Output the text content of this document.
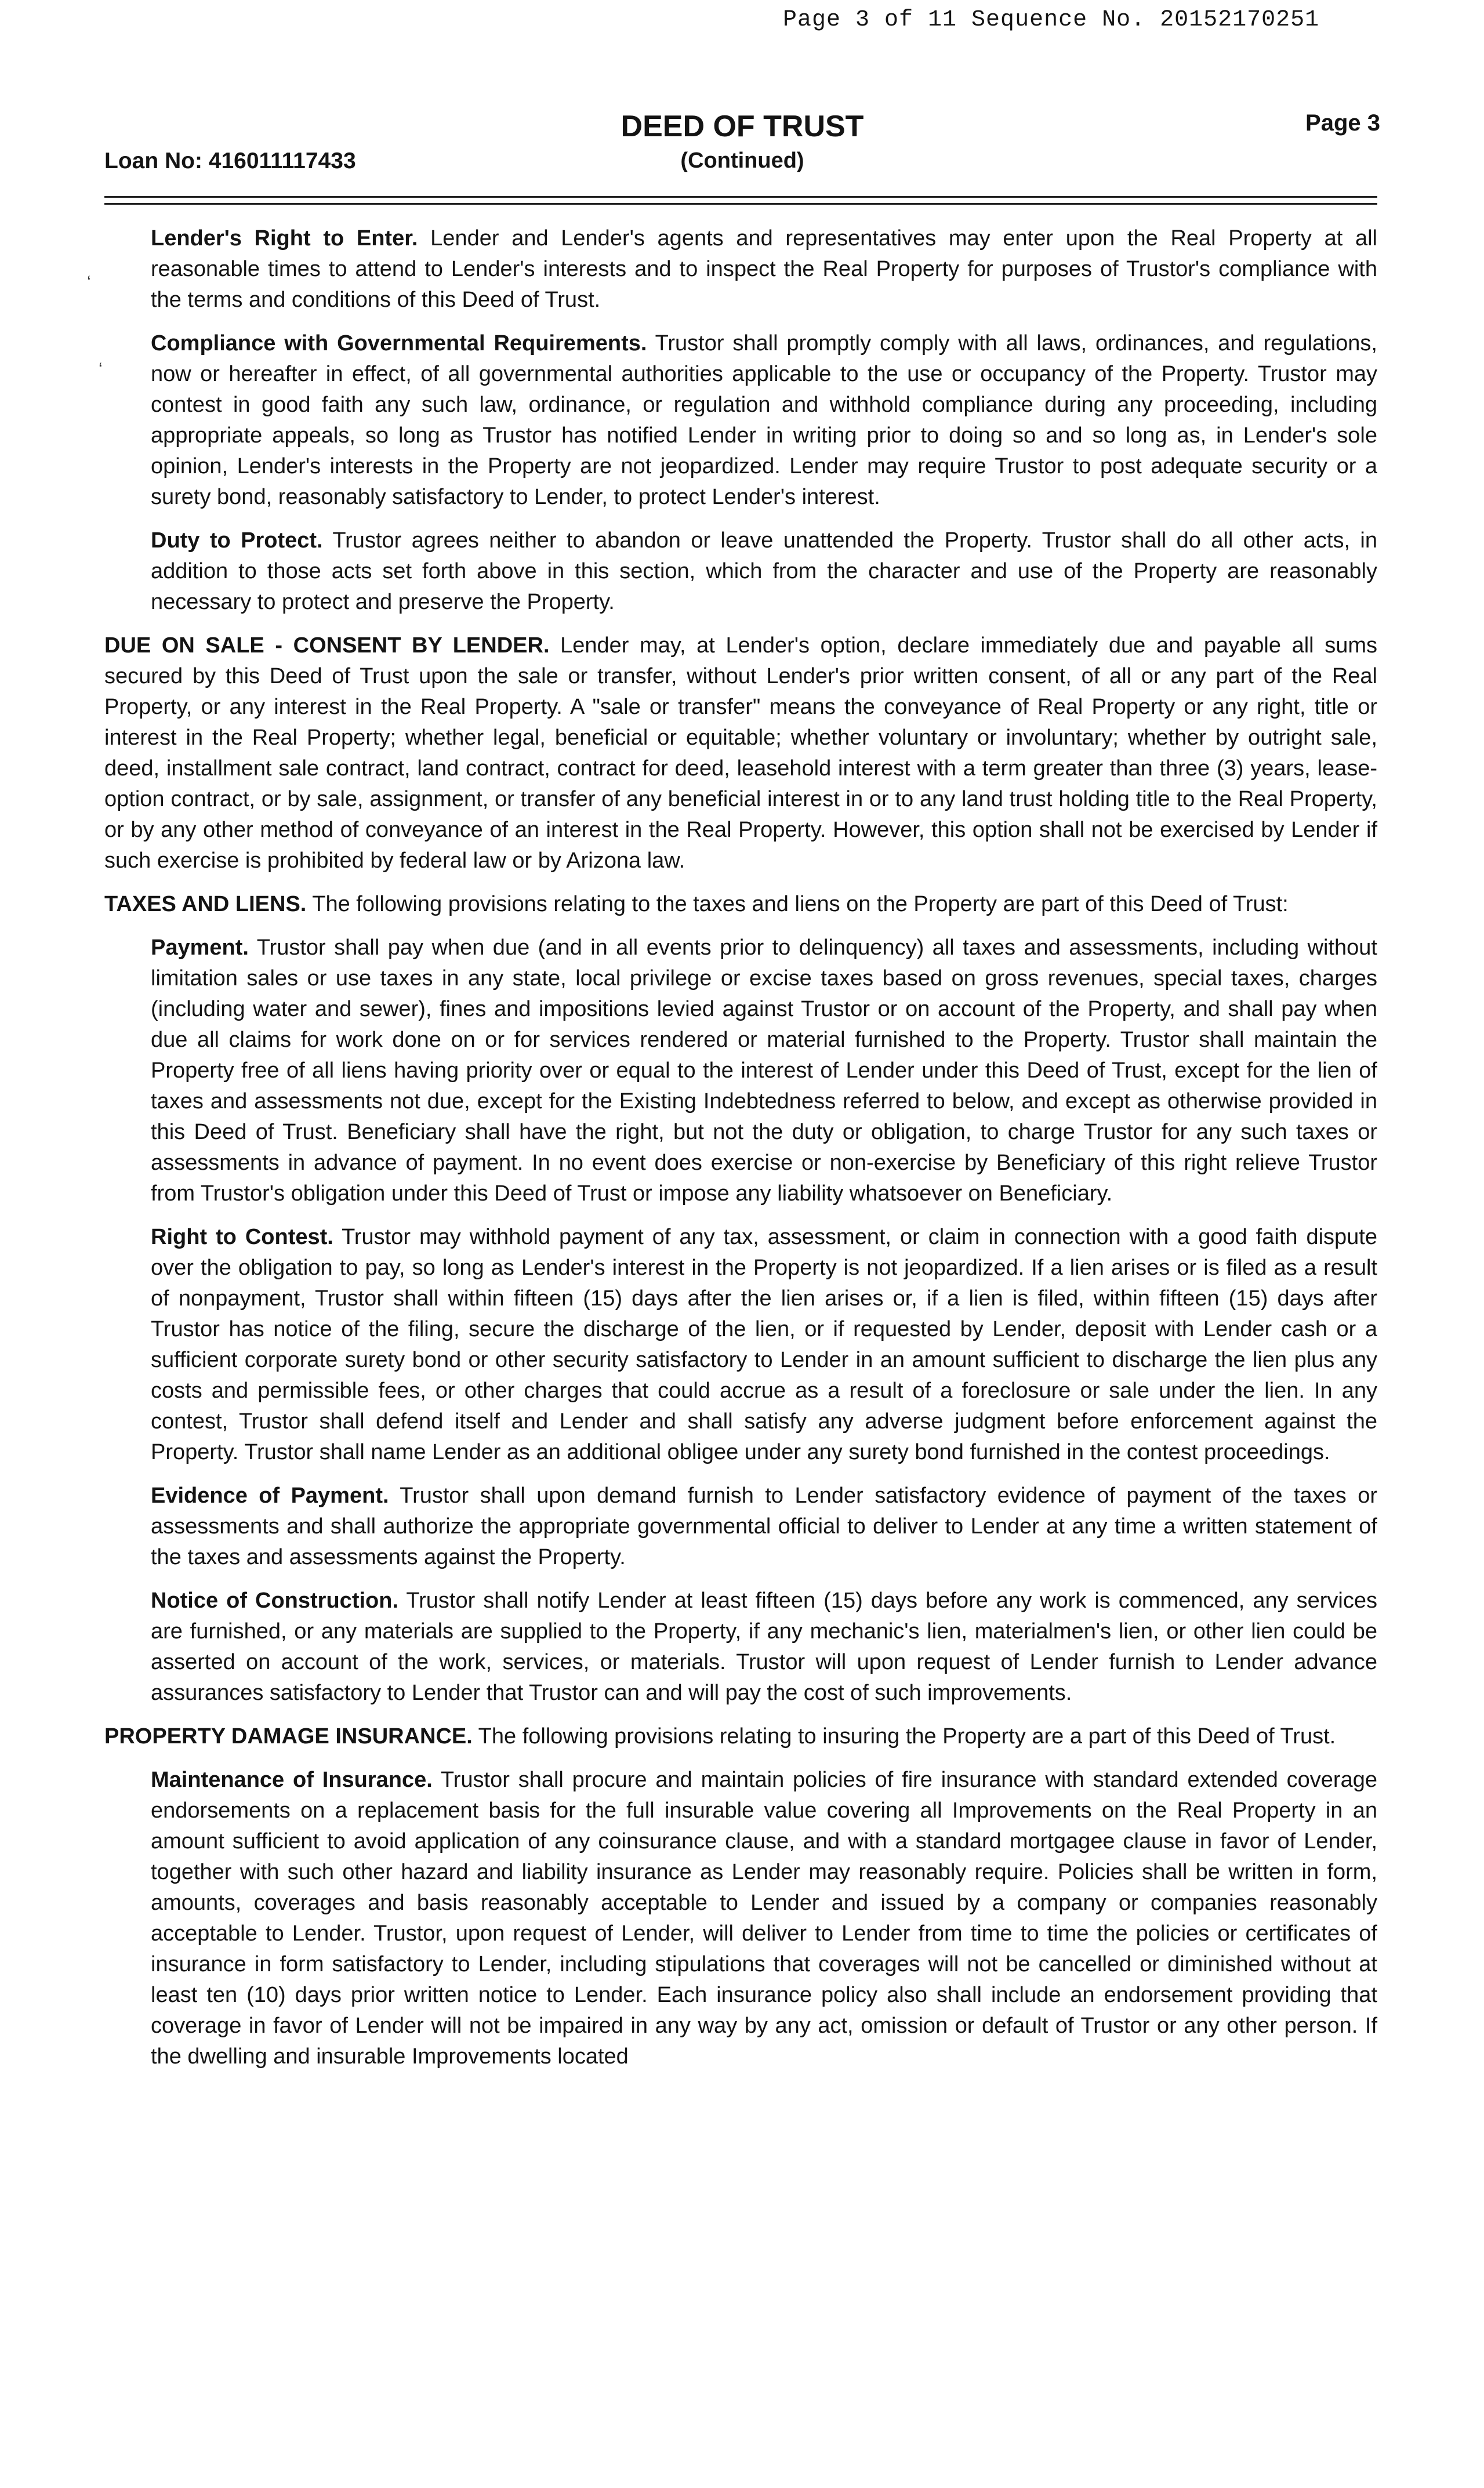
Page 3 of 11 Sequence No. 20152170251
Loan No: 416011117433
DEED OF TRUST
(Continued)
Page 3
‘
‘

Lender's Right to Enter. Lender and Lender's agents and representatives may enter upon the Real Property at all reasonable times to attend to Lender's interests and to inspect the Real Property for purposes of Trustor's compliance with the terms and conditions of this Deed of Trust.

Compliance with Governmental Requirements. Trustor shall promptly comply with all laws, ordinances, and regulations, now or hereafter in effect, of all governmental authorities applicable to the use or occupancy of the Property. Trustor may contest in good faith any such law, ordinance, or regulation and withhold compliance during any proceeding, including appropriate appeals, so long as Trustor has notified Lender in writing prior to doing so and so long as, in Lender's sole opinion, Lender's interests in the Property are not jeopardized. Lender may require Trustor to post adequate security or a surety bond, reasonably satisfactory to Lender, to protect Lender's interest.

Duty to Protect. Trustor agrees neither to abandon or leave unattended the Property. Trustor shall do all other acts, in addition to those acts set forth above in this section, which from the character and use of the Property are reasonably necessary to protect and preserve the Property.

DUE ON SALE - CONSENT BY LENDER. Lender may, at Lender's option, declare immediately due and payable all sums secured by this Deed of Trust upon the sale or transfer, without Lender's prior written consent, of all or any part of the Real Property, or any interest in the Real Property. A "sale or transfer" means the conveyance of Real Property or any right, title or interest in the Real Property; whether legal, beneficial or equitable; whether voluntary or involuntary; whether by outright sale, deed, installment sale contract, land contract, contract for deed, leasehold interest with a term greater than three (3) years, lease-option contract, or by sale, assignment, or transfer of any beneficial interest in or to any land trust holding title to the Real Property, or by any other method of conveyance of an interest in the Real Property. However, this option shall not be exercised by Lender if such exercise is prohibited by federal law or by Arizona law.

TAXES AND LIENS. The following provisions relating to the taxes and liens on the Property are part of this Deed of Trust:

Payment. Trustor shall pay when due (and in all events prior to delinquency) all taxes and assessments, including without limitation sales or use taxes in any state, local privilege or excise taxes based on gross revenues, special taxes, charges (including water and sewer), fines and impositions levied against Trustor or on account of the Property, and shall pay when due all claims for work done on or for services rendered or material furnished to the Property. Trustor shall maintain the Property free of all liens having priority over or equal to the interest of Lender under this Deed of Trust, except for the lien of taxes and assessments not due, except for the Existing Indebtedness referred to below, and except as otherwise provided in this Deed of Trust. Beneficiary shall have the right, but not the duty or obligation, to charge Trustor for any such taxes or assessments in advance of payment. In no event does exercise or non-exercise by Beneficiary of this right relieve Trustor from Trustor's obligation under this Deed of Trust or impose any liability whatsoever on Beneficiary.

Right to Contest. Trustor may withhold payment of any tax, assessment, or claim in connection with a good faith dispute over the obligation to pay, so long as Lender's interest in the Property is not jeopardized. If a lien arises or is filed as a result of nonpayment, Trustor shall within fifteen (15) days after the lien arises or, if a lien is filed, within fifteen (15) days after Trustor has notice of the filing, secure the discharge of the lien, or if requested by Lender, deposit with Lender cash or a sufficient corporate surety bond or other security satisfactory to Lender in an amount sufficient to discharge the lien plus any costs and permissible fees, or other charges that could accrue as a result of a foreclosure or sale under the lien. In any contest, Trustor shall defend itself and Lender and shall satisfy any adverse judgment before enforcement against the Property. Trustor shall name Lender as an additional obligee under any surety bond furnished in the contest proceedings.

Evidence of Payment. Trustor shall upon demand furnish to Lender satisfactory evidence of payment of the taxes or assessments and shall authorize the appropriate governmental official to deliver to Lender at any time a written statement of the taxes and assessments against the Property.

Notice of Construction. Trustor shall notify Lender at least fifteen (15) days before any work is commenced, any services are furnished, or any materials are supplied to the Property, if any mechanic's lien, materialmen's lien, or other lien could be asserted on account of the work, services, or materials. Trustor will upon request of Lender furnish to Lender advance assurances satisfactory to Lender that Trustor can and will pay the cost of such improvements.

PROPERTY DAMAGE INSURANCE. The following provisions relating to insuring the Property are a part of this Deed of Trust.

Maintenance of Insurance. Trustor shall procure and maintain policies of fire insurance with standard extended coverage endorsements on a replacement basis for the full insurable value covering all Improvements on the Real Property in an amount sufficient to avoid application of any coinsurance clause, and with a standard mortgagee clause in favor of Lender, together with such other hazard and liability insurance as Lender may reasonably require. Policies shall be written in form, amounts, coverages and basis reasonably acceptable to Lender and issued by a company or companies reasonably acceptable to Lender. Trustor, upon request of Lender, will deliver to Lender from time to time the policies or certificates of insurance in form satisfactory to Lender, including stipulations that coverages will not be cancelled or diminished without at least ten (10) days prior written notice to Lender. Each insurance policy also shall include an endorsement providing that coverage in favor of Lender will not be impaired in any way by any act, omission or default of Trustor or any other person. If the dwelling and insurable Improvements located
